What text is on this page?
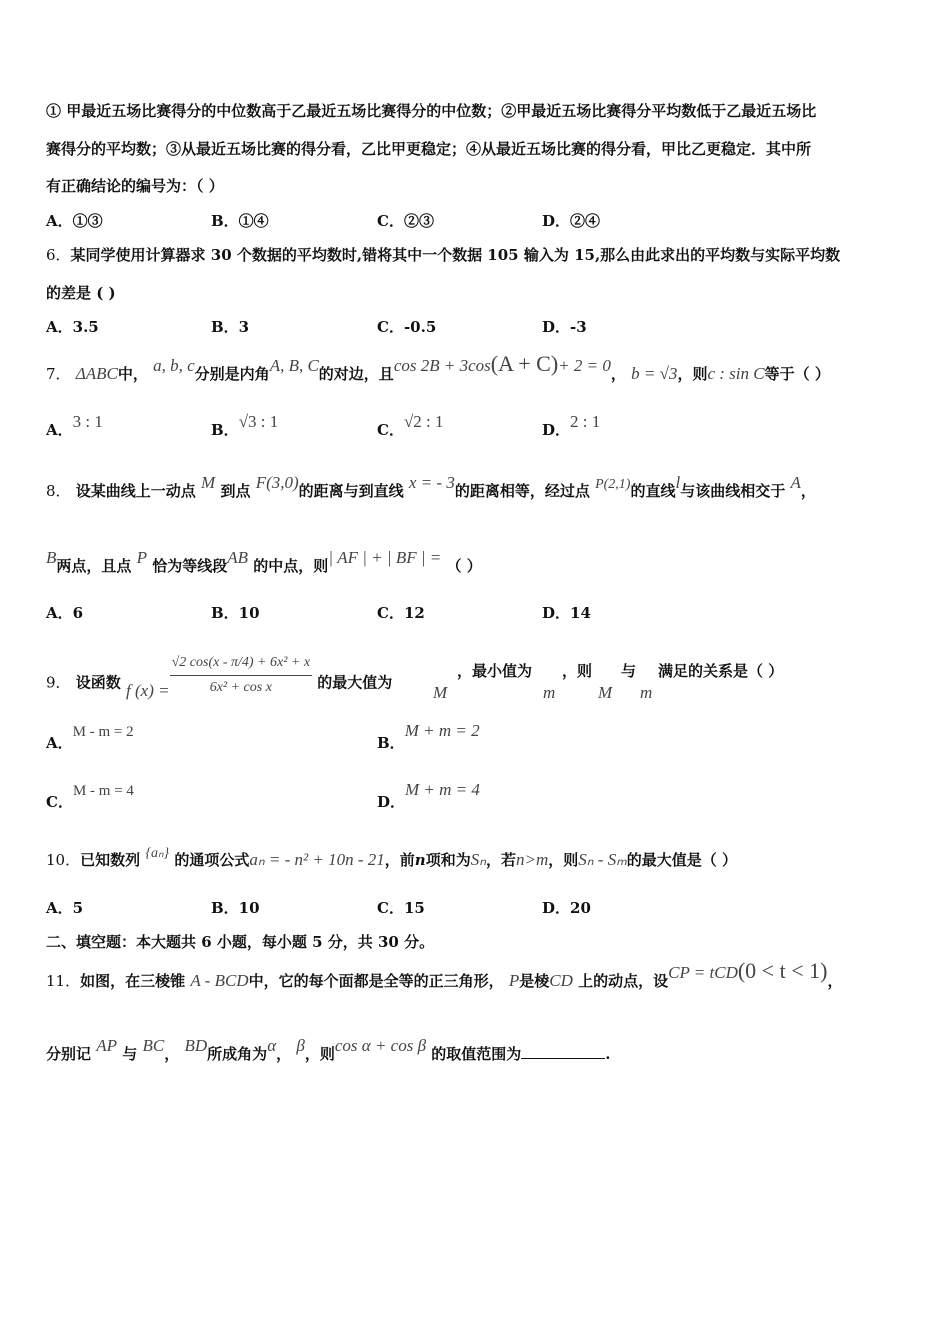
① 甲最近五场比赛得分的中位数高于乙最近五场比赛得分的中位数；②甲最近五场比赛得分平均数低于乙最近五场比
赛得分的平均数；③从最近五场比赛的得分看，乙比甲更稳定；④从最近五场比赛的得分看，甲比乙更稳定．其中所
有正确结论的编号为：（ ）
A．①③	B．①④	C．②③	D．②④
6．某同学使用计算器求 30 个数据的平均数时,错将其中一个数据 105 输入为 15,那么由此求出的平均数与实际平均数
的差是 ( )
A．3.5	B．3	C．-0.5	D．-3
7． ΔABC中， a, b, c分别是内角A, B, C的对边，且cos 2B + 3cos(A + C)+ 2 = 0， b = √3，则c : sin C等于（ ）
A．3 : 1	B．√3 : 1	C．√2 : 1	D．2 : 1
8． 设某曲线上一动点 M 到点 F(3,0)的距离与到直线 x = - 3的距离相等，经过点 P(2,1)的直线l与该曲线相交于 A，
B两点，且点 P 恰为等线段AB 的中点，则| AF | + | BF | = （ ）
A．6	B．10	C．12	D．14
9． 设函数 f $(x) = \frac{\text{√2 cos(x - π/4) + 6x² + x}}{\text{6x² + cos x}}$ 的最大值为
M
，最小值为
m
，则
M
与
m
满足的关系是（ ）
A．M - m = 2
B．M + m = 2
C．M - m = 4
D．M + m = 4
10．已知数列 {aₙ} 的通项公式aₙ = - n² + 10n - 21，前n项和为Sₙ，若n>m，则Sₙ - Sₘ的最大值是（ ）
A．5	B．10	C．15	D．20
二、填空题：本大题共 6 小题，每小题 5 分，共 30 分。
11．如图，在三棱锥 A - BCD中，它的每个面都是全等的正三角形， P是棱CD 上的动点，设CP = tCD(0 < t < 1)，
分别记 AP 与 BC， BD所成角为α， β，则cos α + cos β 的取值范围为	.
